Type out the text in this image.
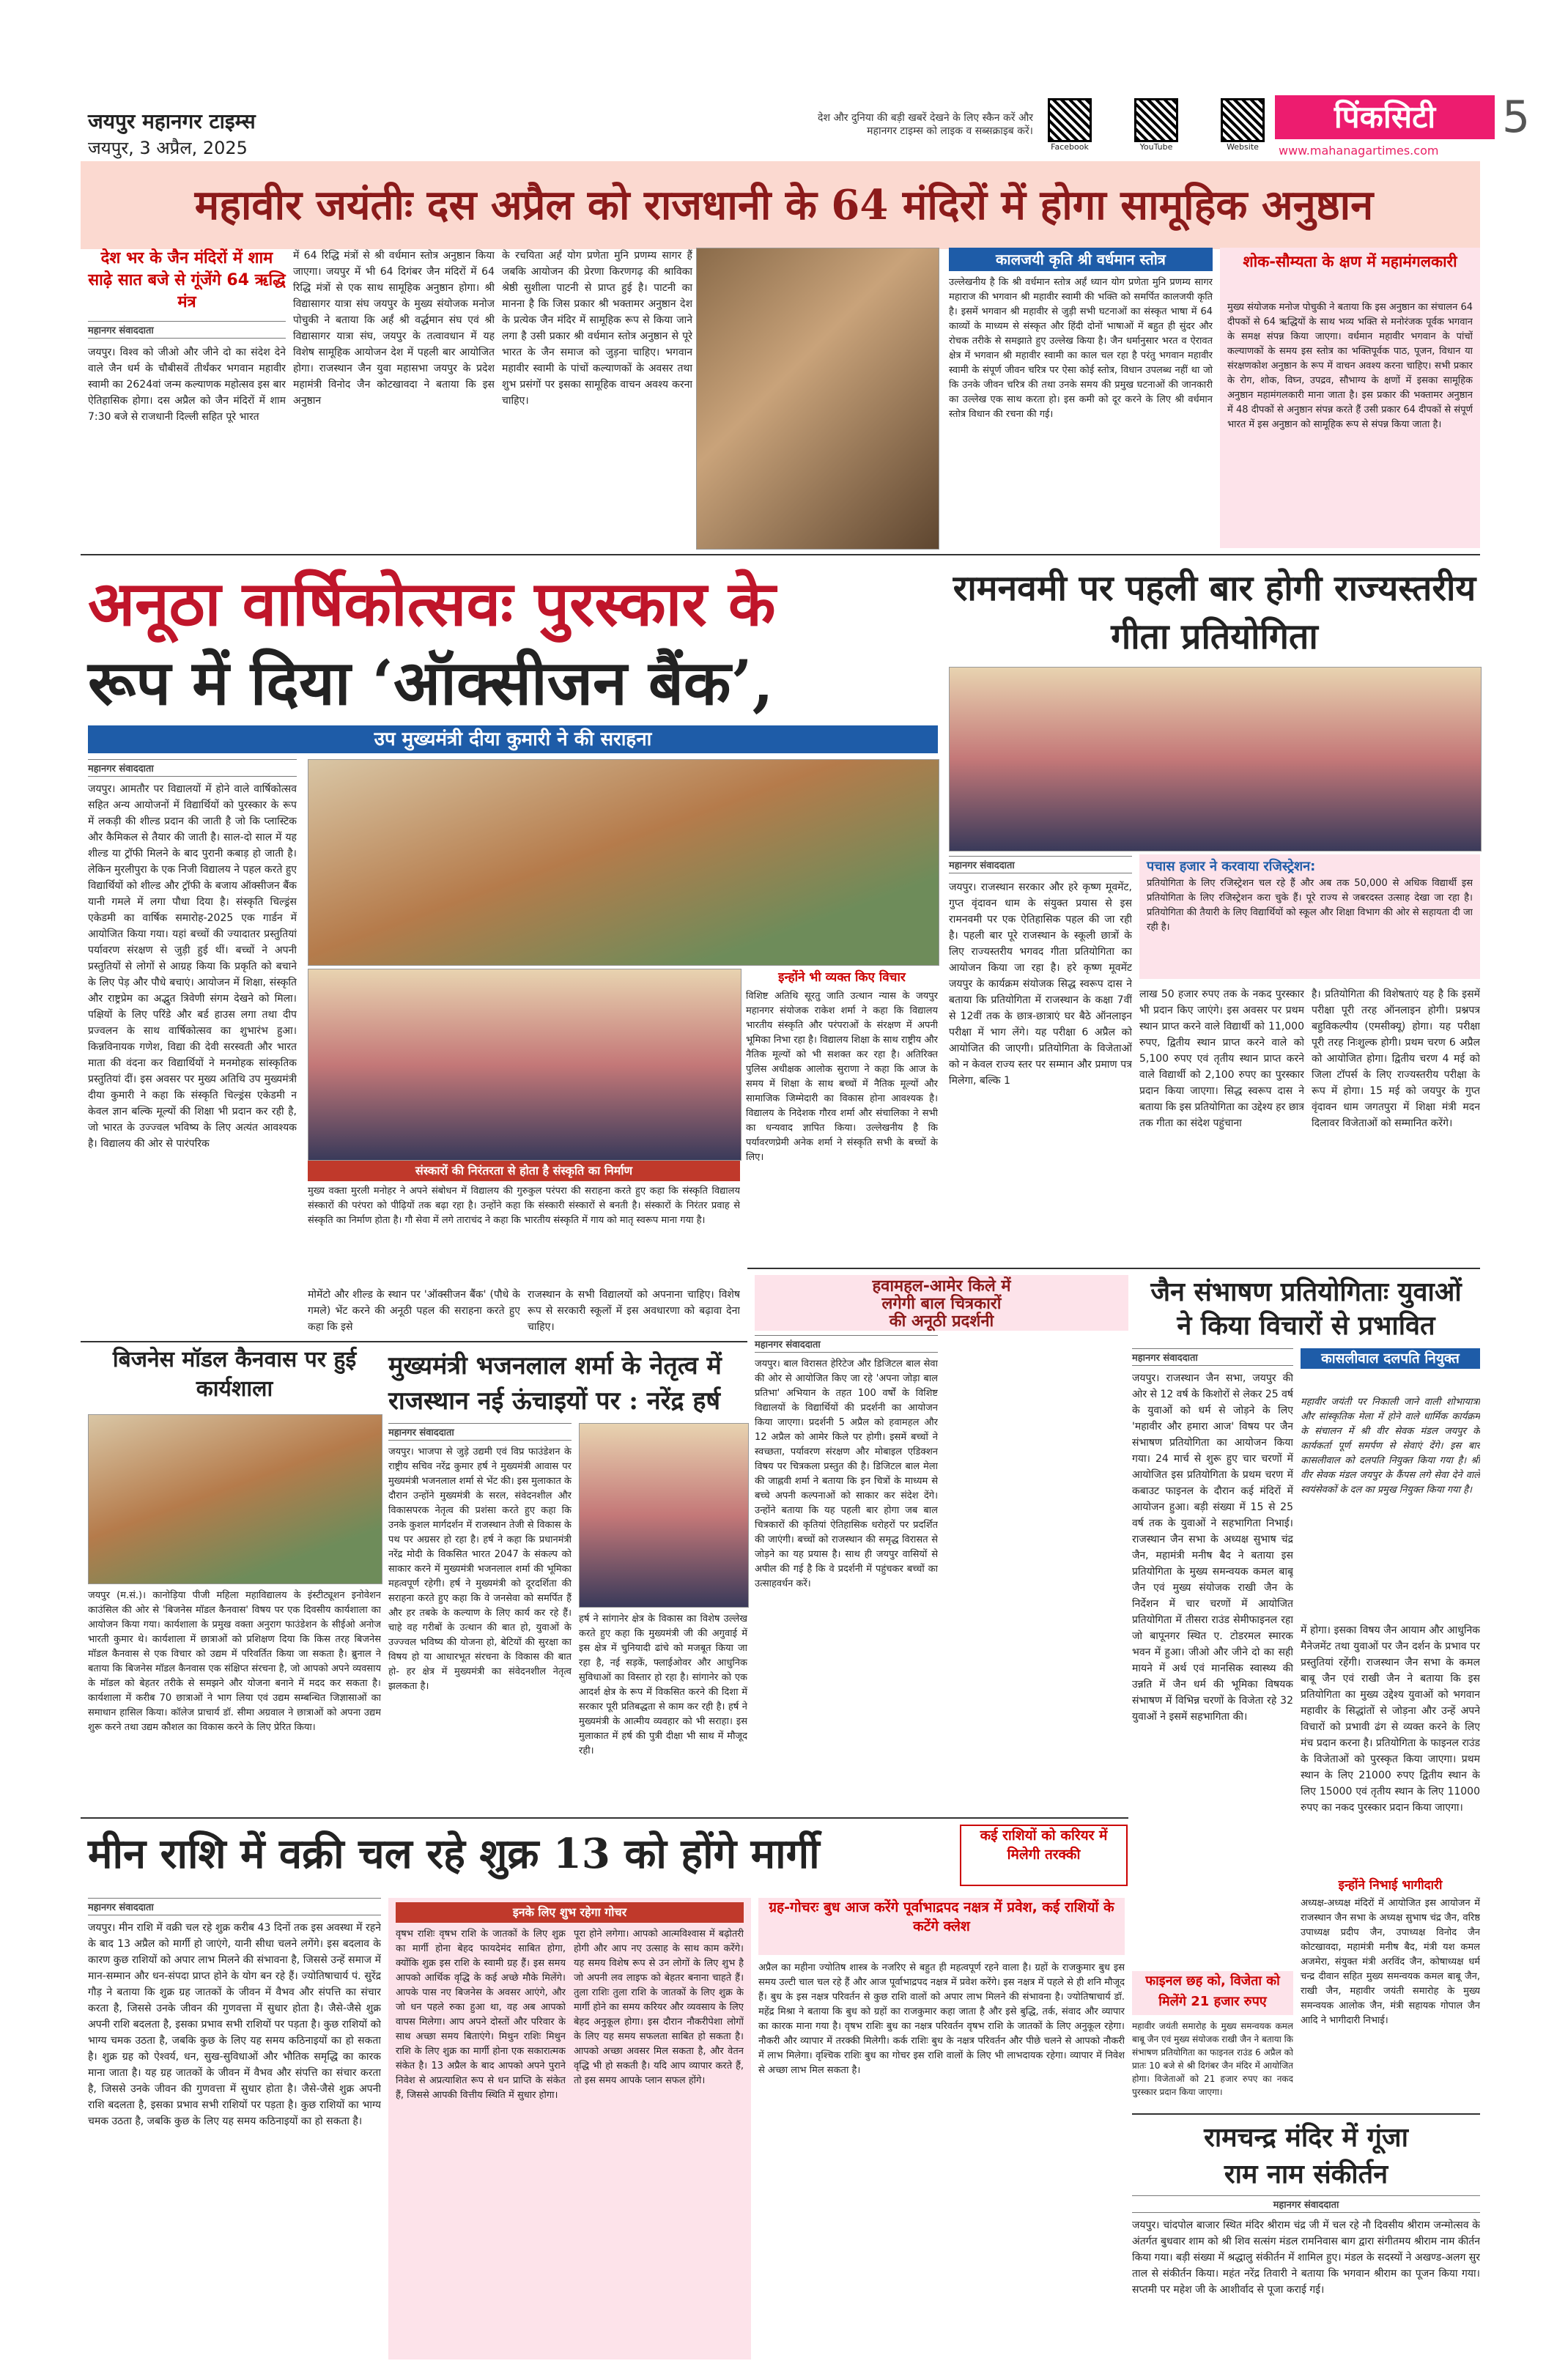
जयपुर महानगर टाइम्स
जयपुर, 3 अप्रैल, 2025
देश और दुनिया की बड़ी खबरें देखने के लिए स्कैन करें और महानगर टाइम्स को लाइक व सब्सक्राइब करें।
Facebook	YouTube	Website
पिंकसिटी	5
www.mahanagartimes.com
महावीर जयंतीः दस अप्रैल को राजधानी के 64 मंदिरों में होगा सामूहिक अनुष्ठान
देश भर के जैन मंदिरों में शाम साढ़े सात बजे से गूंजेंगे 64 ऋद्धि मंत्र
महानगर संवाददाता
जयपुर। विश्व को जीओ और जीने दो का संदेश देने वाले जैन धर्म के चौबीसवें तीर्थंकर भगवान महावीर स्वामी का 2624वां जन्म कल्याणक महोत्सव इस बार ऐतिहासिक होगा। दस अप्रैल को जैन मंदिरों में शाम 7:30 बजे से राजधानी दिल्ली सहित पूरे भारत
में 64 रिद्धि मंत्रों से श्री वर्धमान स्तोत्र अनुष्ठान किया जाएगा। जयपुर में भी 64 दिगंबर जैन मंदिरों में 64 रिद्धि मंत्रों से एक साथ सामूहिक अनुष्ठान होगा। श्री विद्यासागर यात्रा संघ जयपुर के मुख्य संयोजक मनोज पोचुकी ने बताया कि अर्हं श्री वर्द्धमान संघ एवं श्री विद्यासागर यात्रा संघ, जयपुर के तत्वावधान में यह विशेष सामूहिक आयोजन देश में पहली बार आयोजित होगा। राजस्थान जैन युवा महासभा जयपुर के प्रदेश महामंत्री विनोद जैन कोटखावदा ने बताया कि इस अनुष्ठान
के रचयिता अर्हं योग प्रणेता मुनि प्रणम्य सागर हैं जबकि आयोजन की प्रेरणा किरणगढ़ की श्राविका श्रेष्ठी सुशीला पाटनी से प्राप्त हुई है। पाटनी का मानना है कि जिस प्रकार श्री भक्तामर अनुष्ठान देश के प्रत्येक जैन मंदिर में सामूहिक रूप से किया जाने लगा है उसी प्रकार श्री वर्धमान स्तोत्र अनुष्ठान से पूरे भारत के जैन समाज को जुड़ना चाहिए। भगवान महावीर स्वामी के पांचों कल्याणकों के अवसर तथा शुभ प्रसंगों पर इसका सामूहिक वाचन अवश्य करना चाहिए।
कालजयी कृति श्री वर्धमान स्तोत्र
उल्लेखनीय है कि श्री वर्धमान स्तोत्र अर्हं ध्यान योग प्रणेता मुनि प्रणम्य सागर महाराज की भगवान श्री महावीर स्वामी की भक्ति को समर्पित कालजयी कृति है। इसमें भगवान श्री महावीर से जुड़ी सभी घटनाओं का संस्कृत भाषा में 64 काव्यों के माध्यम से संस्कृत और हिंदी दोनों भाषाओं में बहुत ही सुंदर और रोचक तरीके से समझाते हुए उल्लेख किया है। जैन धर्मानुसार भरत व ऐरावत क्षेत्र में भगवान श्री महावीर स्वामी का काल चल रहा है परंतु भगवान महावीर स्वामी के संपूर्ण जीवन चरित्र पर ऐसा कोई स्तोत्र, विधान उपलब्ध नहीं था जो कि उनके जीवन चरित्र की तथा उनके समय की प्रमुख घटनाओं की जानकारी का उल्लेख एक साथ करता हो। इस कमी को दूर करने के लिए श्री वर्धमान स्तोत्र विधान की रचना की गई।
शोक-सौम्यता के क्षण में महामंगलकारी
मुख्य संयोजक मनोज पोचुकी ने बताया कि इस अनुष्ठान का संचालन 64 दीपकों से 64 ऋद्धियों के साथ भव्य भक्ति से मनोरंजक पूर्वक भगवान के समक्ष संपन्न किया जाएगा। वर्धमान महावीर भगवान के पांचों कल्याणकों के समय इस स्तोत्र का भक्तिपूर्वक पाठ, पूजन, विधान या संरक्षणकोश अनुष्ठान के रूप में वाचन अवश्य करना चाहिए। सभी प्रकार के रोग, शोक, विघ्न, उपद्रव, सौभाग्य के क्षणों में इसका सामूहिक अनुष्ठान महामंगलकारी माना जाता है। इस प्रकार की भक्तामर अनुष्ठान में 48 दीपकों से अनुष्ठान संपन्न करते हैं उसी प्रकार 64 दीपकों से संपूर्ण भारत में इस अनुष्ठान को सामूहिक रूप से संपन्न किया जाता है।
अनूठा वार्षिकोत्सवः पुरस्कार के
रूप में दिया ‘ऑक्सीजन बैंक’,
उप मुख्यमंत्री दीया कुमारी ने की सराहना
महानगर संवाददाता
जयपुर। आमतौर पर विद्यालयों में होने वाले वार्षिकोत्सव सहित अन्य आयोजनों में विद्यार्थियों को पुरस्कार के रूप में लकड़ी की शील्ड प्रदान की जाती है जो कि प्लास्टिक और कैमिकल से तैयार की जाती है। साल-दो साल में यह शील्ड या ट्रॉफी मिलने के बाद पुरानी कबाड़ हो जाती है। लेकिन मुरलीपुरा के एक निजी विद्यालय ने पहल करते हुए विद्यार्थियों को शील्ड और ट्रॉफी के बजाय ऑक्सीजन बैंक यानी गमले में लगा पौधा दिया है। संस्कृति चिल्ड्रंस एकेडमी का वार्षिक समारोह-2025 एक गार्डन में आयोजित किया गया। यहां बच्चों की ज्यादातर प्रस्तुतियां पर्यावरण संरक्षण से जुड़ी हुई थीं। बच्चों ने अपनी प्रस्तुतियों से लोगों से आग्रह किया कि प्रकृति को बचाने के लिए पेड़ और पौधे बचाएं। आयोजन में शिक्षा, संस्कृति और राष्ट्रप्रेम का अद्भुत त्रिवेणी संगम देखने को मिला। पक्षियों के लिए परिंडे और बर्ड हाउस लगा तथा दीप प्रज्वलन के साथ वार्षिकोत्सव का शुभारंभ हुआ। किन्नविनायक गणेश, विद्या की देवी सरस्वती और भारत माता की वंदना कर विद्यार्थियों ने मनमोहक सांस्कृतिक प्रस्तुतियां दीं। इस अवसर पर मुख्य अतिथि उप मुख्यमंत्री दीया कुमारी ने कहा कि संस्कृति चिल्ड्रंस एकेडमी न केवल ज्ञान बल्कि मूल्यों की शिक्षा भी प्रदान कर रही है, जो भारत के उज्ज्वल भविष्य के लिए अत्यंत आवश्यक है। विद्यालय की ओर से पारंपरिक
संस्कारों की निरंतरता से होता है संस्कृति का निर्माण
मुख्य वक्ता मुरली मनोहर ने अपने संबोधन में विद्यालय की गुरुकुल परंपरा की सराहना करते हुए कहा कि संस्कृति विद्यालय संस्कारों की परंपरा को पीढ़ियों तक बढ़ा रहा है। उन्होंने कहा कि संस्कारी संस्कारों से बनती है। संस्कारों के निरंतर प्रवाह से संस्कृति का निर्माण होता है। गौ सेवा में लगे ताराचंद ने कहा कि भारतीय संस्कृति में गाय को मातृ स्वरूप माना गया है।
इन्होंने भी व्यक्त किए विचार
विशिष्ट अतिथि सूरतु जाति उत्थान न्यास के जयपुर महानगर संयोजक राकेश शर्मा ने कहा कि विद्यालय भारतीय संस्कृति और परंपराओं के संरक्षण में अपनी भूमिका निभा रहा है। विद्यालय शिक्षा के साथ राष्ट्रीय और नैतिक मूल्यों को भी सशक्त कर रहा है। अतिरिक्त पुलिस अधीक्षक आलोक सुराणा ने कहा कि आज के समय में शिक्षा के साथ बच्चों में नैतिक मूल्यों और सामाजिक जिम्मेदारी का विकास होना आवश्यक है। विद्यालय के निदेशक गौरव शर्मा और संचालिका ने सभी का धन्यवाद ज्ञापित किया। उल्लेखनीय है कि पर्यावरणप्रेमी अनेक शर्मा ने संस्कृति सभी के बच्चों के लिए।
मोमेंटो और शील्ड के स्थान पर 'ऑक्सीजन बैंक' (पौधे के गमले) भेंट करने की अनूठी पहल की सराहना करते हुए कहा कि इसे
राजस्थान के सभी विद्यालयों को अपनाना चाहिए। विशेष रूप से सरकारी स्कूलों में इस अवधारणा को बढ़ावा देना चाहिए।
रामनवमी पर पहली बार होगी राज्यस्तरीय गीता प्रतियोगिता
महानगर संवाददाता	पचास हजार ने करवाया रजिस्ट्रेशन:
प्रतियोगिता के लिए रजिस्ट्रेशन चल रहे हैं और अब तक 50,000 से अधिक विद्यार्थी इस प्रतियोगिता के लिए रजिस्ट्रेशन करा चुके हैं। पूरे राज्य से जबरदस्त उत्साह देखा जा रहा है। प्रतियोगिता की तैयारी के लिए विद्यार्थियों को स्कूल और शिक्षा विभाग की ओर से सहायता दी जा रही है।
जयपुर। राजस्थान सरकार और हरे कृष्ण मूवमेंट, गुप्त वृंदावन धाम के संयुक्त प्रयास से इस रामनवमी पर एक ऐतिहासिक पहल की जा रही है। पहली बार पूरे राजस्थान के स्कूली छात्रों के लिए राज्यस्तरीय भगवद गीता प्रतियोगिता का आयोजन किया जा रहा है। हरे कृष्ण मूवमेंट जयपुर के कार्यक्रम संयोजक सिद्ध स्वरूप दास ने बताया कि प्रतियोगिता में राजस्थान के कक्षा 7वीं से 12वीं तक के छात्र-छात्राएं घर बैठे ऑनलाइन परीक्षा में भाग लेंगे। यह परीक्षा 6 अप्रैल को आयोजित की जाएगी। प्रतियोगिता के विजेताओं को न केवल राज्य स्तर पर सम्मान और प्रमाण पत्र मिलेगा, बल्कि 1
लाख 50 हजार रुपए तक के नकद पुरस्कार भी प्रदान किए जाएंगे। इस अवसर पर प्रथम स्थान प्राप्त करने वाले विद्यार्थी को 11,000 रुपए, द्वितीय स्थान प्राप्त करने वाले को 5,100 रुपए एवं तृतीय स्थान प्राप्त करने वाले विद्यार्थी को 2,100 रुपए का पुरस्कार प्रदान किया जाएगा। सिद्ध स्वरूप दास ने बताया कि इस प्रतियोगिता का उद्देश्य हर छात्र तक गीता का संदेश पहुंचाना
है। प्रतियोगिता की विशेषताएं यह है कि इसमें परीक्षा पूरी तरह ऑनलाइन होगी। प्रश्नपत्र बहुविकल्पीय (एमसीक्यू) होगा। यह परीक्षा पूरी तरह निःशुल्क होगी। प्रथम चरण 6 अप्रैल को आयोजित होगा। द्वितीय चरण 4 मई को जिला टॉपर्स के लिए राज्यस्तरीय परीक्षा के रूप में होगा। 15 मई को जयपुर के गुप्त वृंदावन धाम जगतपुरा में शिक्षा मंत्री मदन दिलावर विजेताओं को सम्मानित करेंगे।
हवामहल-आमेर किले में
लगेगी बाल चित्रकारों
की अनूठी प्रदर्शनी
महानगर संवाददाता
जयपुर। बाल विरासत हेरिटेज और डिजिटल बाल सेवा की ओर से आयोजित किए जा रहे 'अपना जोड़ा बाल प्रतिभा' अभियान के तहत 100 वर्षों के विशिष्ट विद्यालयों के विद्यार्थियों की प्रदर्शनी का आयोजन किया जाएगा। प्रदर्शनी 5 अप्रैल को हवामहल और 12 अप्रैल को आमेर किले पर होगी। इसमें बच्चों ने स्वच्छता, पर्यावरण संरक्षण और मोबाइल एडिक्शन विषय पर चित्रकला प्रस्तुत की है। डिजिटल बाल मेला की जाह्नवी शर्मा ने बताया कि इन चित्रों के माध्यम से बच्चे अपनी कल्पनाओं को साकार कर संदेश देंगे। उन्होंने बताया कि यह पहली बार होगा जब बाल चित्रकारों की कृतियां ऐतिहासिक धरोहरों पर प्रदर्शित की जाएंगी। बच्चों को राजस्थान की समृद्ध विरासत से जोड़ने का यह प्रयास है। साथ ही जयपुर वासियों से अपील की गई है कि वे प्रदर्शनी में पहुंचकर बच्चों का उत्साहवर्धन करें।
जैन संभाषण प्रतियोगिताः युवाओं
ने किया विचारों से प्रभावित
महानगर संवाददाता
जयपुर। राजस्थान जैन सभा, जयपुर की ओर से 12 वर्ष के किशोरों से लेकर 25 वर्ष के युवाओं को धर्म से जोड़ने के लिए 'महावीर और हमारा आज' विषय पर जैन संभाषण प्रतियोगिता का आयोजन किया गया। 24 मार्च से शुरू हुए चार चरणों में आयोजित इस प्रतियोगिता के प्रथम चरण में कबाउट फाइनल के दौरान कई मंदिरों में आयोजन हुआ। बड़ी संख्या में 15 से 25 वर्ष तक के युवाओं ने सहभागिता निभाई। राजस्थान जैन सभा के अध्यक्ष सुभाष चंद्र जैन, महामंत्री मनीष बैद ने बताया इस प्रतियोगिता के मुख्य समन्वयक कमल बाबू जैन एवं मुख्य संयोजक राखी जैन के निर्देशन में चार चरणों में आयोजित प्रतियोगिता में तीसरा राउंड सेमीफाइनल रहा जो बापूनगर स्थित ए. टोडरमल स्मारक भवन में हुआ। जीओ और जीने दो का सही मायने में अर्थ एवं मानसिक स्वास्थ्य की उन्नति में जैन धर्म की भूमिका विषयक संभाषण में विभिन्न चरणों के विजेता रहे 32 युवाओं ने इसमें सहभागिता की।
कासलीवाल दलपति नियुक्त
महावीर जयंती पर निकाली जाने वाली शोभायात्रा और सांस्कृतिक मेला में होने वाले धार्मिक कार्यक्रम के संचालन में श्री वीर सेवक मंडल जयपुर के कार्यकर्ता पूर्ण समर्पण से सेवाएं देंगे। इस बार कासलीवाल को दलपति नियुक्त किया गया है। श्री वीर सेवक मंडल जयपुर के कैंपस लगे सेवा देने वाले स्वयंसेवकों के दल का प्रमुख नियुक्त किया गया है।
में होगा। इसका विषय जैन आयाम और आधुनिक मैनेजमेंट तथा युवाओं पर जैन दर्शन के प्रभाव पर प्रस्तुतियां रहेंगी। राजस्थान जैन सभा के कमल बाबू जैन एवं राखी जैन ने बताया कि इस प्रतियोगिता का मुख्य उद्देश्य युवाओं को भगवान महावीर के सिद्धांतों से जोड़ना और उन्हें अपने विचारों को प्रभावी ढंग से व्यक्त करने के लिए मंच प्रदान करना है। प्रतियोगिता के फाइनल राउंड के विजेताओं को पुरस्कृत किया जाएगा। प्रथम स्थान के लिए 21000 रुपए द्वितीय स्थान के लिए 15000 एवं तृतीय स्थान के लिए 11000 रुपए का नकद पुरस्कार प्रदान किया जाएगा।
इन्होंने निभाई भागीदारी
अध्यक्ष-अध्यक्ष मंदिरों में आयोजित इस आयोजन में राजस्थान जैन सभा के अध्यक्ष सुभाष चंद्र जैन, वरिष्ठ उपाध्यक्ष प्रदीप जैन, उपाध्यक्ष विनोद जैन कोटखावदा, महामंत्री मनीष बैद, मंत्री यश कमल अजमेरा, संयुक्त मंत्री अरविंद जैन, कोषाध्यक्ष धर्म चन्द्र दीवान सहित मुख्य समन्वयक कमल बाबू जैन, राखी जैन, महावीर जयंती समारोह के मुख्य समन्वयक आलोक जैन, मंत्री सहायक गोपाल जैन आदि ने भागीदारी निभाई।
बिजनेस मॉडल कैनवास पर हुई कार्यशाला
जयपुर (म.सं.)। कानोड़िया पीजी महिला महाविद्यालय के इंस्टीट्यूशन इनोवेशन काउंसिल की ओर से 'बिजनेस मॉडल कैनवास' विषय पर एक दिवसीय कार्यशाला का आयोजन किया गया। कार्यशाला के प्रमुख वक्ता अनुराग फाउंडेशन के सीईओ अनोज भारती कुमार थे। कार्यशाला में छात्राओं को प्रशिक्षण दिया कि किस तरह बिजनेस मॉडल कैनवास से एक विचार को उद्यम में परिवर्तित किया जा सकता है। ब्रुनाल ने बताया कि बिजनेस मॉडल कैनवास एक संक्षिप्त संरचना है, जो आपको अपने व्यवसाय के मॉडल को बेहतर तरीके से समझने और योजना बनाने में मदद कर सकता है। कार्यशाला में करीब 70 छात्राओं ने भाग लिया एवं उद्यम सम्बन्धित जिज्ञासाओं का समाधान हासिल किया। कॉलेज प्राचार्य डॉ. सीमा अग्रवाल ने छात्राओं को अपना उद्यम शुरू करने तथा उद्यम कौशल का विकास करने के लिए प्रेरित किया।
मुख्यमंत्री भजनलाल शर्मा के नेतृत्व में
राजस्थान नई ऊंचाइयों पर : नरेंद्र हर्ष
महानगर संवाददाता
जयपुर। भाजपा से जुड़े उद्यमी एवं विप्र फाउंडेशन के राष्ट्रीय सचिव नरेंद्र कुमार हर्ष ने मुख्यमंत्री आवास पर मुख्यमंत्री भजनलाल शर्मा से भेंट की। इस मुलाकात के दौरान उन्होंने मुख्यमंत्री के सरल, संवेदनशील और विकासपरक नेतृत्व की प्रशंसा करते हुए कहा कि उनके कुशल मार्गदर्शन में राजस्थान तेजी से विकास के पथ पर अग्रसर हो रहा है। हर्ष ने कहा कि प्रधानमंत्री नरेंद्र मोदी के विकसित भारत 2047 के संकल्प को साकार करने में मुख्यमंत्री भजनलाल शर्मा की भूमिका महत्वपूर्ण रहेगी। हर्ष ने मुख्यमंत्री को दूरदर्शिता की सराहना करते हुए कहा कि वे जनसेवा को समर्पित हैं और हर तबके के कल्याण के लिए कार्य कर रहे हैं। चाहे वह गरीबों के उत्थान की बात हो, युवाओं के उज्ज्वल भविष्य की योजना हो, बेटियों की सुरक्षा का विषय हो या आधारभूत संरचना के विकास की बात हो- हर क्षेत्र में मुख्यमंत्री का संवेदनशील नेतृत्व झलकता है।
हर्ष ने सांगानेर क्षेत्र के विकास का विशेष उल्लेख करते हुए कहा कि मुख्यमंत्री जी की अगुवाई में इस क्षेत्र में चुनियादी ढांचे को मजबूत किया जा रहा है, नई सड़कें, फ्लाईओवर और आधुनिक सुविधाओं का विस्तार हो रहा है। सांगानेर को एक आदर्श क्षेत्र के रूप में विकसित करने की दिशा में सरकार पूरी प्रतिबद्धता से काम कर रही है। हर्ष ने मुख्यमंत्री के आत्मीय व्यवहार को भी सराहा। इस मुलाकात में हर्ष की पुत्री दीक्षा भी साथ में मौजूद रही।
मीन राशि में वक्री चल रहे शुक्र 13 को होंगे मार्गी	कई राशियों को करियर में मिलेगी तरक्की
महानगर संवाददाता
जयपुर। मीन राशि में वक्री चल रहे शुक्र करीब 43 दिनों तक इस अवस्था में रहने के बाद 13 अप्रैल को मार्गी हो जाएंगे, यानी सीधा चलने लगेंगे। इस बदलाव के कारण कुछ राशियों को अपार लाभ मिलने की संभावना है, जिससे उन्हें समाज में मान-सम्मान और धन-संपदा प्राप्त होने के योग बन रहे हैं। ज्योतिषाचार्य पं. सुरेंद्र गौड़ ने बताया कि शुक्र ग्रह जातकों के जीवन में वैभव और संपत्ति का संचार करता है, जिससे उनके जीवन की गुणवत्ता में सुधार होता है। जैसे-जैसे शुक्र अपनी राशि बदलता है, इसका प्रभाव सभी राशियों पर पड़ता है। कुछ राशियों को भाग्य चमक उठता है, जबकि कुछ के लिए यह समय कठिनाइयों का हो सकता है। शुक्र ग्रह को ऐश्वर्य, धन, सुख-सुविधाओं और भौतिक समृद्धि का कारक माना जाता है। यह ग्रह जातकों के जीवन में वैभव और संपत्ति का संचार करता है, जिससे उनके जीवन की गुणवत्ता में सुधार होता है। जैसे-जैसे शुक्र अपनी राशि बदलता है, इसका प्रभाव सभी राशियों पर पड़ता है। कुछ राशियों का भाग्य चमक उठता है, जबकि कुछ के लिए यह समय कठिनाइयों का हो सकता है।
इनके लिए शुभ रहेगा गोचर
वृषभ राशिः वृषभ राशि के जातकों के लिए शुक्र का मार्गी होना बेहद फायदेमंद साबित होगा, क्योंकि शुक्र इस राशि के स्वामी ग्रह हैं। इस समय आपको आर्थिक वृद्धि के कई अच्छे मौके मिलेंगे। आपके पास नए बिजनेस के अवसर आएंगे, और जो धन पहले रुका हुआ था, वह अब आपको वापस मिलेगा। आप अपने दोस्तों और परिवार के साथ अच्छा समय बिताएंगे। मिथुन राशिः मिथुन राशि के लिए शुक्र का मार्गी होना एक सकारात्मक संकेत है। 13 अप्रैल के बाद आपको अपने पुराने निवेश से अप्रत्याशित रूप से धन प्राप्ति के संकेत हैं, जिससे आपकी वित्तीय स्थिति में सुधार होगा।
पूरा होने लगेगा। आपको आत्मविश्वास में बढ़ोतरी होगी और आप नए उत्साह के साथ काम करेंगे। यह समय विशेष रूप से उन लोगों के लिए शुभ है जो अपनी लव लाइफ को बेहतर बनाना चाहते हैं। तुला राशिः तुला राशि के जातकों के लिए शुक्र के मार्गी होने का समय करियर और व्यवसाय के लिए बेहद अनुकूल होगा। इस दौरान नौकरीपेशा लोगों के लिए यह समय सफलता साबित हो सकता है। आपको अच्छा अवसर मिल सकता है, और वेतन वृद्धि भी हो सकती है। यदि आप व्यापार करते हैं, तो इस समय आपके प्लान सफल होंगे।
ग्रह-गोचरः बुध आज करेंगे पूर्वाभाद्रपद नक्षत्र में प्रवेश, कई राशियों के कटेंगे क्लेश
अप्रैल का महीना ज्योतिष शास्त्र के नजरिए से बहुत ही महत्वपूर्ण रहने वाला है। ग्रहों के राजकुमार बुध इस समय उल्टी चाल चल रहे हैं और आज पूर्वाभाद्रपद नक्षत्र में प्रवेश करेंगे। इस नक्षत्र में पहले से ही शनि मौजूद हैं। बुध के इस नक्षत्र परिवर्तन से कुछ राशि वालों को अपार लाभ मिलने की संभावना है। ज्योतिषाचार्य डॉ. महेंद्र मिश्रा ने बताया कि बुध को ग्रहों का राजकुमार कहा जाता है और इसे बुद्धि, तर्क, संवाद और व्यापार का कारक माना गया है। वृषभ राशिः बुध का नक्षत्र परिवर्तन वृषभ राशि के जातकों के लिए अनुकूल रहेगा। नौकरी और व्यापार में तरक्की मिलेगी। कर्क राशिः बुध के नक्षत्र परिवर्तन और पीछे चलने से आपको नौकरी में लाभ मिलेगा। वृश्चिक राशिः बुध का गोचर इस राशि वालों के लिए भी लाभदायक रहेगा। व्यापार में निवेश से अच्छा लाभ मिल सकता है।
फाइनल छह को, विजेता को मिलेंगे 21 हजार रुपए
महावीर जयंती समारोह के मुख्य समन्वयक कमल बाबू जैन एवं मुख्य संयोजक राखी जैन ने बताया कि संभाषण प्रतियोगिता का फाइनल राउंड 6 अप्रैल को प्रातः 10 बजे से श्री दिगंबर जैन मंदिर में आयोजित होगा। विजेताओं को 21 हजार रुपए का नकद पुरस्कार प्रदान किया जाएगा।
रामचन्द्र मंदिर में गूंजा
राम नाम संकीर्तन
महानगर संवाददाता
जयपुर। चांदपोल बाजार स्थित मंदिर श्रीराम चंद्र जी में चल रहे नौ दिवसीय श्रीराम जन्मोत्सव के अंतर्गत बुधवार शाम को श्री शिव सत्संग मंडल रामनिवास बाग द्वारा संगीतमय श्रीराम नाम कीर्तन किया गया। बड़ी संख्या में श्रद्धालु संकीर्तन में शामिल हुए। मंडल के सदस्यों ने अखण्ड-अलग सुर ताल से संकीर्तन किया। महंत नरेंद्र तिवारी ने बताया कि भगवान श्रीराम का पूजन किया गया। सप्तमी पर महेश जी के आशीर्वाद से पूजा कराई गई।
